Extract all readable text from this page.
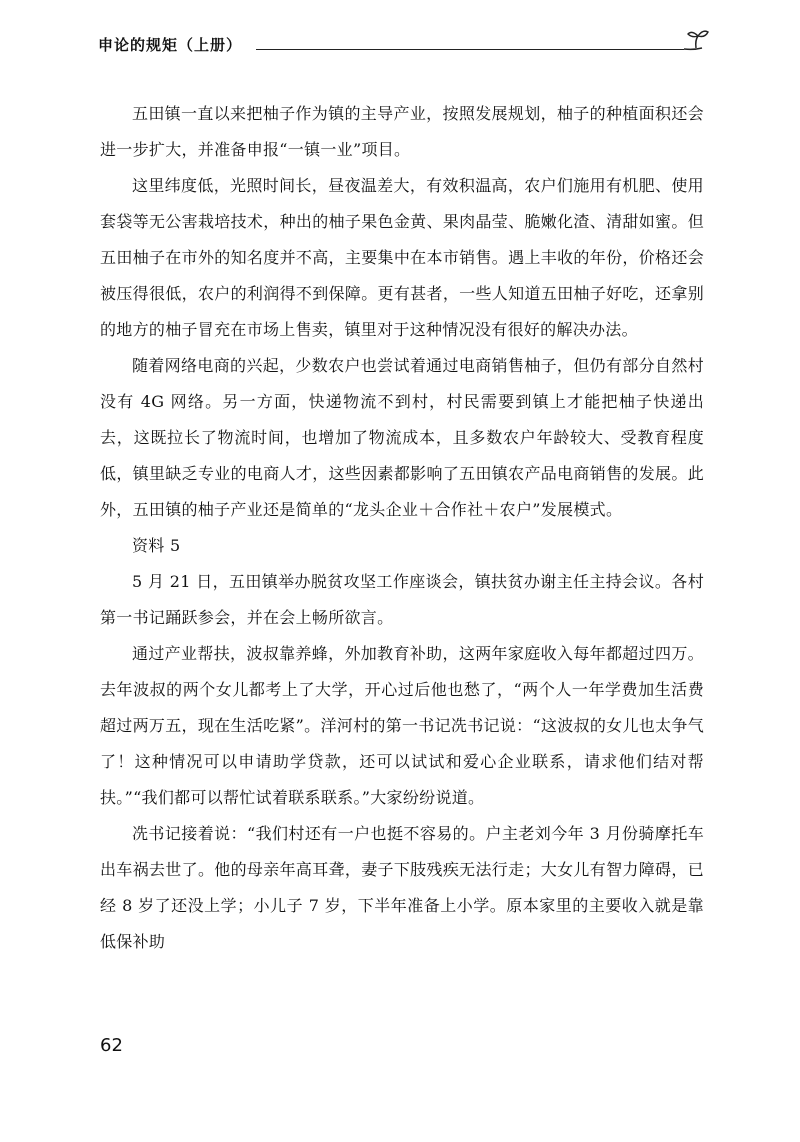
申论的规矩（上册）

五田镇一直以来把柚子作为镇的主导产业，按照发展规划，柚子的种植面积还会进一步扩大，并准备申报“一镇一业”项目。

这里纬度低，光照时间长，昼夜温差大，有效积温高，农户们施用有机肥、使用套袋等无公害栽培技术，种出的柚子果色金黄、果肉晶莹、脆嫩化渣、清甜如蜜。但五田柚子在市外的知名度并不高，主要集中在本市销售。遇上丰收的年份，价格还会被压得很低，农户的利润得不到保障。更有甚者，一些人知道五田柚子好吃，还拿别的地方的柚子冒充在市场上售卖，镇里对于这种情况没有很好的解决办法。

随着网络电商的兴起，少数农户也尝试着通过电商销售柚子，但仍有部分自然村没有 4G 网络。另一方面，快递物流不到村，村民需要到镇上才能把柚子快递出去，这既拉长了物流时间，也增加了物流成本，且多数农户年龄较大、受教育程度低，镇里缺乏专业的电商人才，这些因素都影响了五田镇农产品电商销售的发展。此外，五田镇的柚子产业还是简单的“龙头企业＋合作社＋农户”发展模式。

资料 5

5 月 21 日，五田镇举办脱贫攻坚工作座谈会，镇扶贫办谢主任主持会议。各村第一书记踊跃参会，并在会上畅所欲言。

通过产业帮扶，波叔靠养蜂，外加教育补助，这两年家庭收入每年都超过四万。去年波叔的两个女儿都考上了大学，开心过后他也愁了，“两个人一年学费加生活费超过两万五，现在生活吃紧”。洋河村的第一书记冼书记说：“这波叔的女儿也太争气了！这种情况可以申请助学贷款，还可以试试和爱心企业联系，请求他们结对帮扶。”“我们都可以帮忙试着联系联系。”大家纷纷说道。

冼书记接着说：“我们村还有一户也挺不容易的。户主老刘今年 3 月份骑摩托车出车祸去世了。他的母亲年高耳聋，妻子下肢残疾无法行走；大女儿有智力障碍，已经 8 岁了还没上学；小儿子 7 岁，下半年准备上小学。原本家里的主要收入就是靠低保补助

62
